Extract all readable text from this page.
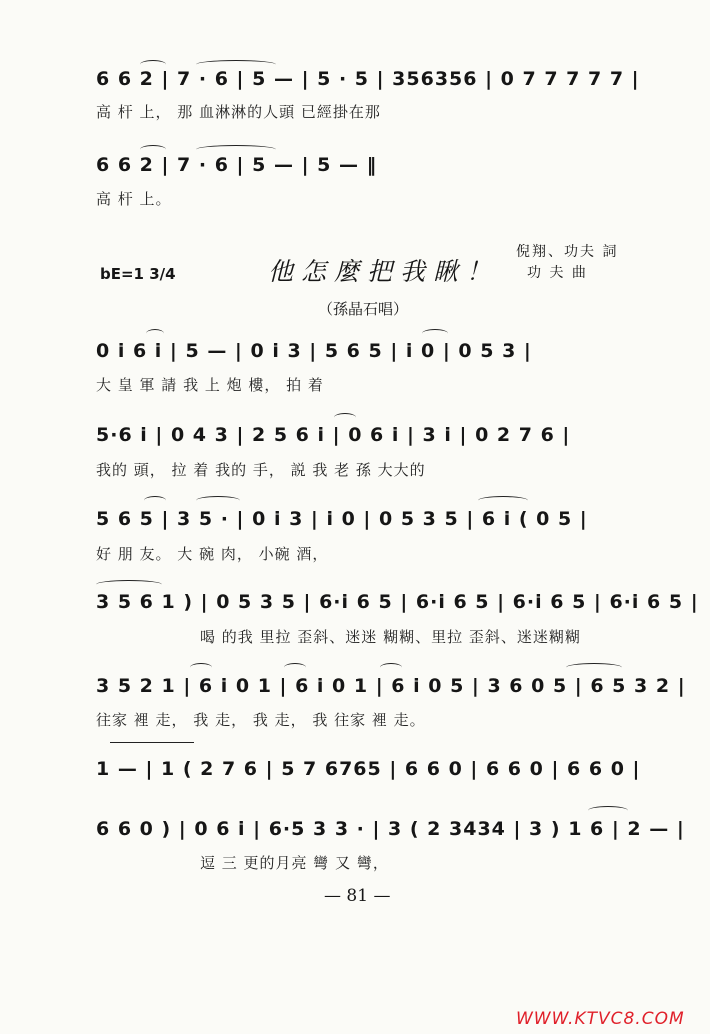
6 6 2 | 7 · 6 | 5 — | 5 · 5 | 356356 | 0 7 7 7 7 7 |
高 杆 上， 那 血淋淋的人頭 已經掛在那
6 6 2 | 7 · 6 | 5 — | 5 — ‖
高 杆 上。
bE=1 3/4	他怎麼把我瞅！
倪翔、功夫 詞
功 夫 曲
（孫晶石唱）
0 i 6 i | 5 — | 0 i 3 | 5 6 5 | i 0 | 0 5 3 |
大 皇 軍 請 我 上 炮 樓， 拍 着
5·6 i | 0 4 3 | 2 5 6 i | 0 6 i | 3 i | 0 2 7 6 |
我的 頭， 拉 着 我的 手， 説 我 老 孫 大大的
5 6 5 | 3 5 · | 0 i 3 | i 0 | 0 5 3 5 | 6 i ( 0 5 |
好 朋 友。 大 碗 肉， 小碗 酒，
3 5 6 1 ) | 0 5 3 5 | 6·i 6 5 | 6·i 6 5 | 6·i 6 5 | 6·i 6 5 |
喝 的我 里拉 歪斜、迷迷 糊糊、里拉 歪斜、迷迷糊糊
3 5 2 1 | 6 i 0 1 | 6 i 0 1 | 6 i 0 5 | 3 6 0 5 | 6 5 3 2 |
往家 裡 走， 我 走， 我 走， 我 往家 裡 走。
1 — | 1 ( 2 7 6 | 5 7 6765 | 6 6 0 | 6 6 0 | 6 6 0 |
6 6 0 ) | 0 6 i | 6·5 3 3 · | 3 ( 2 3434 | 3 ) 1 6 | 2 — |
逗 三 更的月亮 彎 又 彎，
— 81 —
WWW.KTVC8.COM
